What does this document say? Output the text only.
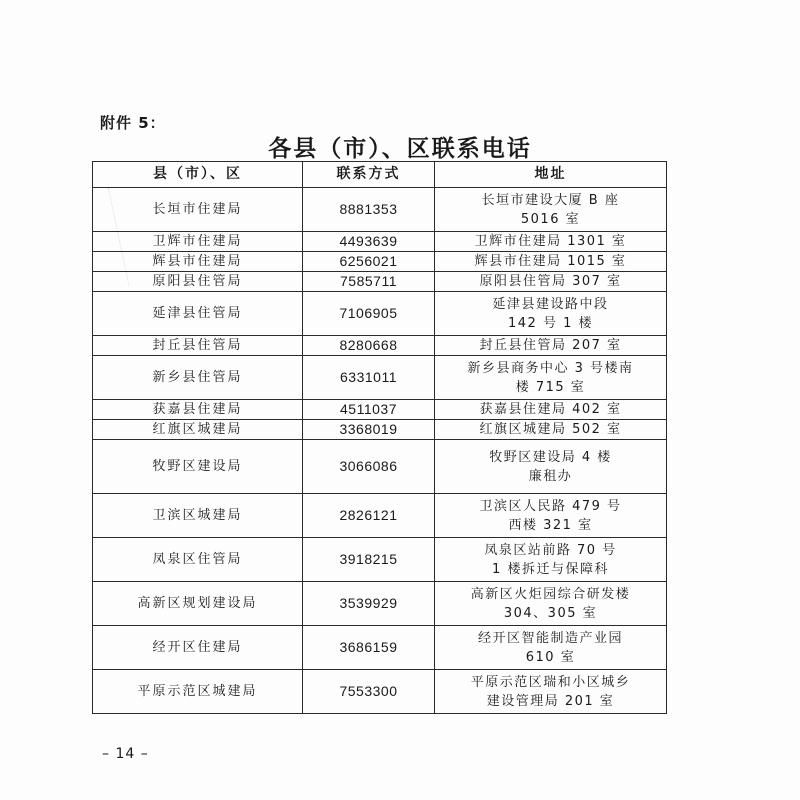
附件 5：
各县（市）、区联系电话
县（市）、区	联系方式	地址
长垣市住建局	8881353	长垣市建设大厦 B 座
5016 室

卫辉市住建局	4493639	卫辉市住建局 1301 室

辉县市住建局	6256021	辉县市住建局 1015 室

原阳县住管局	7585711	原阳县住管局 307 室

延津县住管局	7106905	延津县建设路中段
142 号 1 楼

封丘县住管局	8280668	封丘县住管局 207 室

新乡县住管局	6331011	新乡县商务中心 3 号楼南
楼 715 室

获嘉县住建局	4511037	获嘉县住建局 402 室

红旗区城建局	3368019	红旗区城建局 502 室

牧野区建设局	3066086	牧野区建设局 4 楼
廉租办

卫滨区城建局	2826121	卫滨区人民路 479 号
西楼 321 室

凤泉区住管局	3918215	凤泉区站前路 70 号
1 楼拆迁与保障科

高新区规划建设局	3539929	高新区火炬园综合研发楼
304、305 室

经开区住建局	3686159	经开区智能制造产业园
610 室

平原示范区城建局	7553300	平原示范区瑞和小区城乡
建设管理局 201 室
– 14 –
